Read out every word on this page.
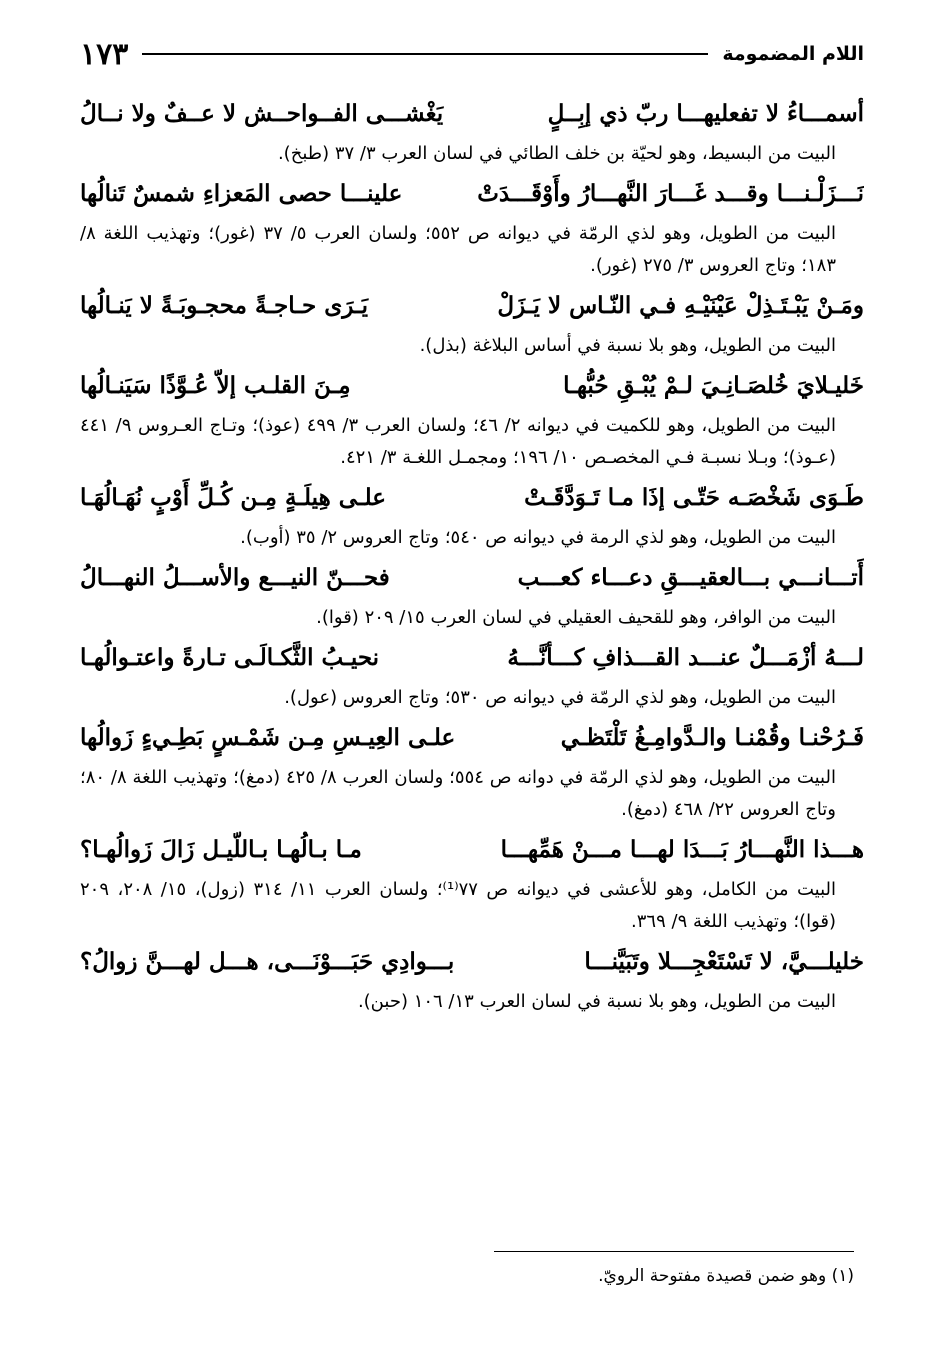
اللام المضمومة
١٧٣
أسمـــاءُ لا تفعليهـــا ربّ ذي إبِــلٍ
يَغْشـــى الفــواحــش لا عــفٌ ولا نــالُ
البيت من البسيط، وهو لحيّة بن خلف الطائي في لسان العرب ٣/ ٣٧ (طبخ).
نَـــزَلْـنـــا وقـــد غَـــارَ النَّهـــارُ وأَوْقَـــدَتْ
علينـــا حصى المَعزاءِ شمسٌ تَنالُها
البيت من الطويل، وهو لذي الرمّة في ديوانه ص ٥٥٢؛ ولسان العرب ٥/ ٣٧ (غور)؛ وتهذيب اللغة ٨/ ١٨٣؛ وتاج العروس ٣/ ٢٧٥ (غور).
ومَـنْ يَبْـتَـذِلْ عَيْنَيْـهِ فـي النّـاس لا يَـزَلْ
يَـرَى حـاجـةً محجـوبَـةً لا يَنـالُها
البيت من الطويل، وهو بلا نسبة في أساس البلاغة (بذل).
خَليـلايَ خُلصَـانِـيَ لـمْ يُبْـقِ حُبُّهـا
مِـنَ القلـب إلاّ عُـوَّذًا سَيَنـالُها
البيت من الطويل، وهو للكميت في ديوانه ٢/ ٤٦؛ ولسان العرب ٣/ ٤٩٩ (عوذ)؛ وتـاج العـروس ٩/ ٤٤١ (عـوذ)؛ وبـلا نسبـة فـي المخصـص ١٠/ ١٩٦؛ ومجمـل اللغـة ٣/ ٤٢١.
طَـوَى شَخْصَـه حَتّـى إذَا مـا تَـوَدَّقَـتْ
علـى هِيلَـةٍ مِـن كُـلِّ أَوْبٍ نُهَـالُهَـا
البيت من الطويل، وهو لذي الرمة في ديوانه ص ٥٤٠؛ وتاج العروس ٢/ ٣٥ (أوب).
أَتـــانـــي بـــالعقيـــقِ دعـــاء كعـــب
فحـــنّ النيـــع والأســـلُ النهـــالُ
البيت من الوافر، وهو للقحيف العقيلي في لسان العرب ١٥/ ٢٠٩ (قوا).
لـــهُ أزْمَـــلٌ عنـــد القـــذافِ كـــأنَّـــهُ
نحيـبُ الثَّكـالَـى تـارةً واعتـوالُهـا
البيت من الطويل، وهو لذي الرمّة في ديوانه ص ٥٣٠؛ وتاج العروس (عول).
فَـرُحْنـا وقُمْنـا والـدَّوامِـغُ تَلْتَظـي
علـى العِيـسِ مِـن شَمْـسٍ بَطِـيءٍ زَوالُها
البيت من الطويل، وهو لذي الرمّة في دوانه ص ٥٥٤؛ ولسان العرب ٨/ ٤٢٥ (دمغ)؛ وتهذيب اللغة ٨/ ٨٠؛ وتاج العروس ٢٢/ ٤٦٨ (دمغ).
هـــذا النَّهـــارُ بَـــدَا لهـــا مـــنْ هَمِّهـــا
مـا بـالُهـا بـاللّيـل زَالَ زَوالُهـا؟
البيت من الكامل، وهو للأعشى في ديوانه ص ٧٧⁽¹⁾؛ ولسان العرب ١١/ ٣١٤ (زول)، ١٥/ ٢٠٨، ٢٠٩ (قوا)؛ وتهذيب اللغة ٩/ ٣٦٩.
خليلـــيَّ، لا تَسْتَعْجِـــلا وتَبَيَّنـــا
بـــوادِي حَبَـــوْنَـــى، هـــل لهـــنَّ زوالُ؟
البيت من الطويل، وهو بلا نسبة في لسان العرب ١٣/ ١٠٦ (حبن).
(١) وهو ضمن قصيدة مفتوحة الرويّ.
